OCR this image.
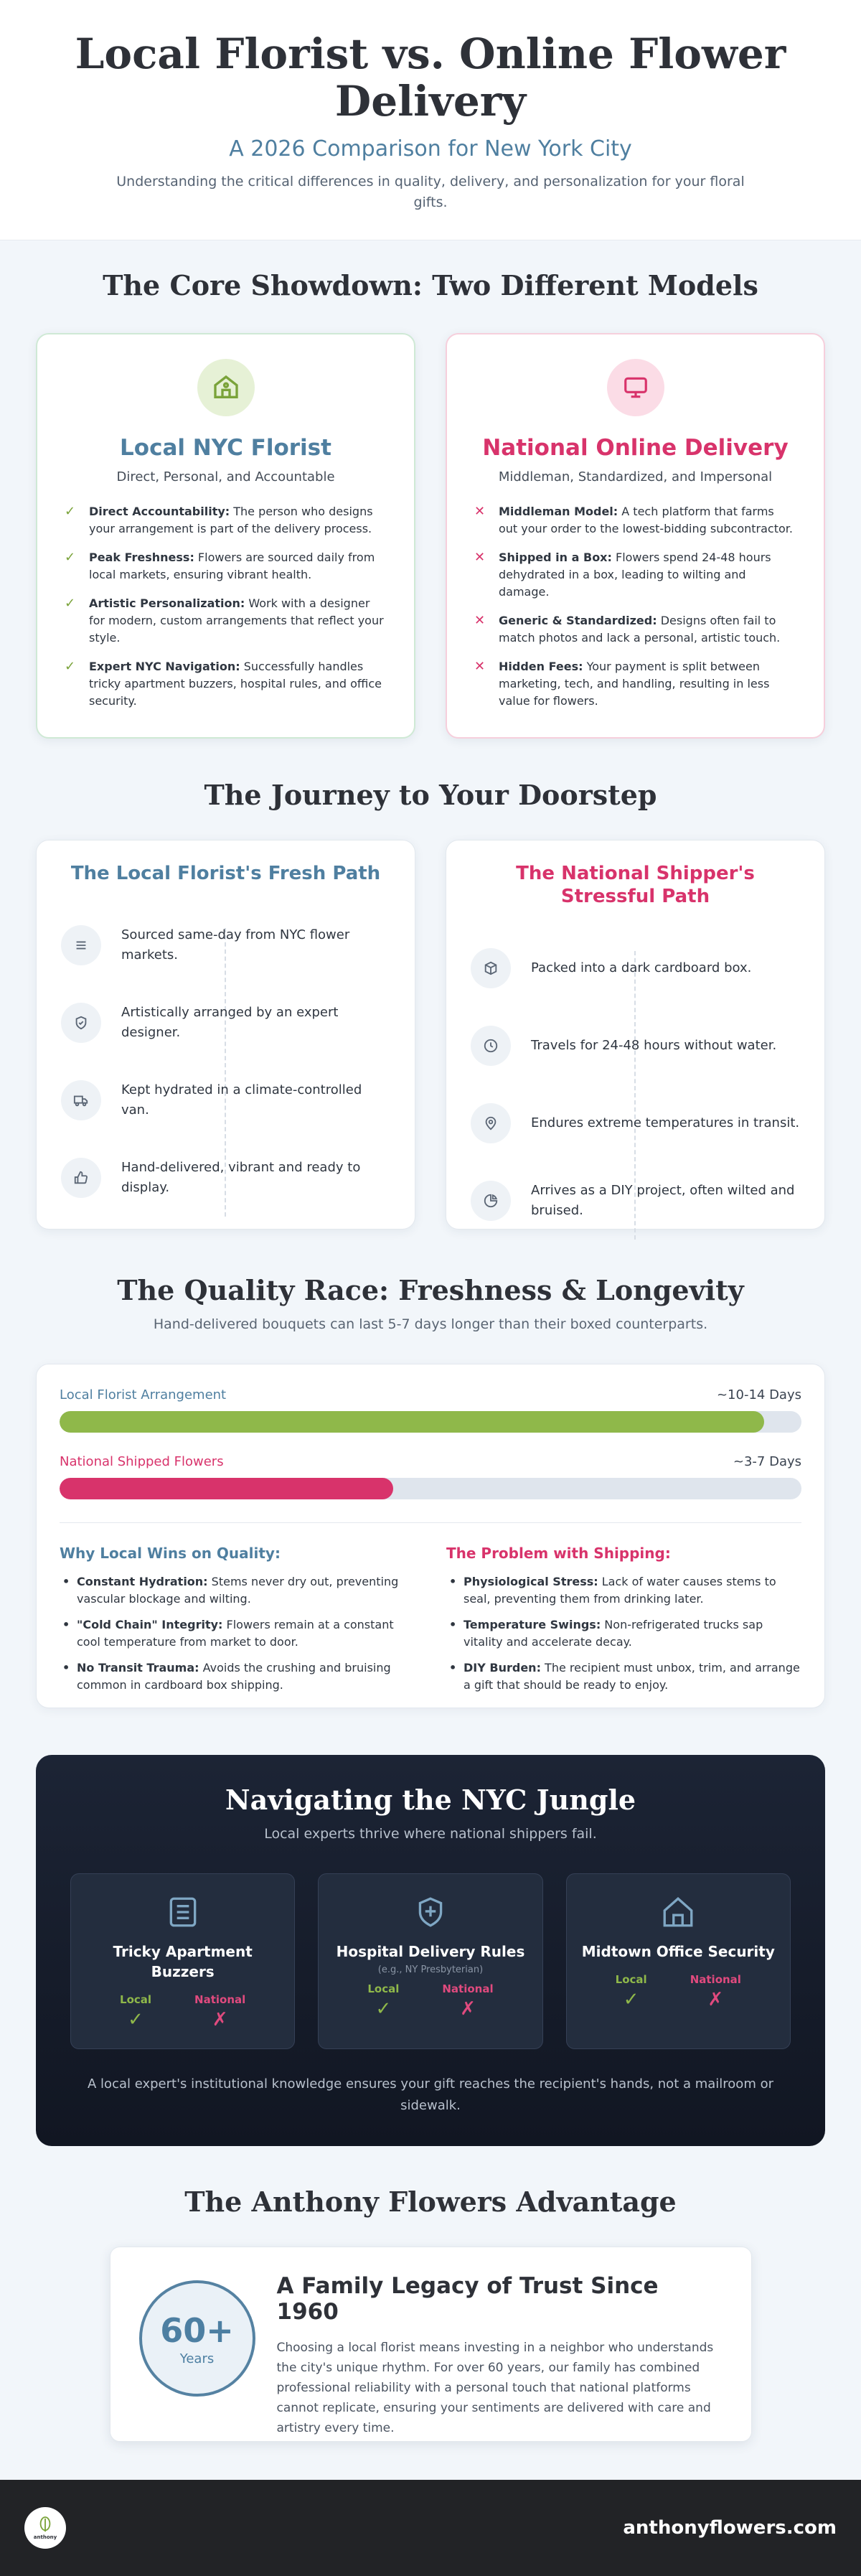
Local Florist vs. Online Flower Delivery
A 2026 Comparison for New York City
Understanding the critical differences in quality, delivery, and personalization for your floral gifts.
The Core Showdown: Two Different Models
Local NYC Florist
Direct, Personal, and Accountable
✓	Direct Accountability: The person who designs your arrangement is part of the delivery process.
✓	Peak Freshness: Flowers are sourced daily from local markets, ensuring vibrant health.
✓	Artistic Personalization: Work with a designer for modern, custom arrangements that reflect your style.
✓	Expert NYC Navigation: Successfully handles tricky apartment buzzers, hospital rules, and office security.
National Online Delivery
Middleman, Standardized, and Impersonal
✕	Middleman Model: A tech platform that farms out your order to the lowest-bidding subcontractor.
✕	Shipped in a Box: Flowers spend 24-48 hours dehydrated in a box, leading to wilting and damage.
✕	Generic & Standardized: Designs often fail to match photos and lack a personal, artistic touch.
✕	Hidden Fees: Your payment is split between marketing, tech, and handling, resulting in less value for flowers.
The Journey to Your Doorstep
The Local Florist's Fresh Path
Sourced same-day from NYC flower markets.
Artistically arranged by an expert designer.
Kept hydrated in a climate-controlled van.
Hand-delivered, vibrant and ready to display.
The National Shipper's Stressful Path
Packed into a dark cardboard box.
Travels for 24-48 hours without water.
Endures extreme temperatures in transit.
Arrives as a DIY project, often wilted and bruised.
The Quality Race: Freshness & Longevity
Hand-delivered bouquets can last 5-7 days longer than their boxed counterparts.
Local Florist Arrangement	~10-14 Days
National Shipped Flowers	~3-7 Days
Why Local Wins on Quality:
• Constant Hydration: Stems never dry out, preventing vascular blockage and wilting.
• "Cold Chain" Integrity: Flowers remain at a constant cool temperature from market to door.
• No Transit Trauma: Avoids the crushing and bruising common in cardboard box shipping.
The Problem with Shipping:
• Physiological Stress: Lack of water causes stems to seal, preventing them from drinking later.
• Temperature Swings: Non-refrigerated trucks sap vitality and accelerate decay.
• DIY Burden: The recipient must unbox, trim, and arrange a gift that should be ready to enjoy.
Navigating the NYC Jungle
Local experts thrive where national shippers fail.
Tricky Apartment Buzzers
Local
✓
National
✗
Hospital Delivery Rules
(e.g., NY Presbyterian)
Local
✓
National
✗
Midtown Office Security
Local
✓
National
✗
A local expert's institutional knowledge ensures your gift reaches the recipient's hands, not a mailroom or sidewalk.
The Anthony Flowers Advantage
60+
Years
A Family Legacy of Trust Since 1960

Choosing a local florist means investing in a neighbor who understands the city's unique rhythm. For over 60 years, our family has combined professional reliability with a personal touch that national platforms cannot replicate, ensuring your sentiments are delivered with care and artistry every time.

anthony	anthonyflowers.com
